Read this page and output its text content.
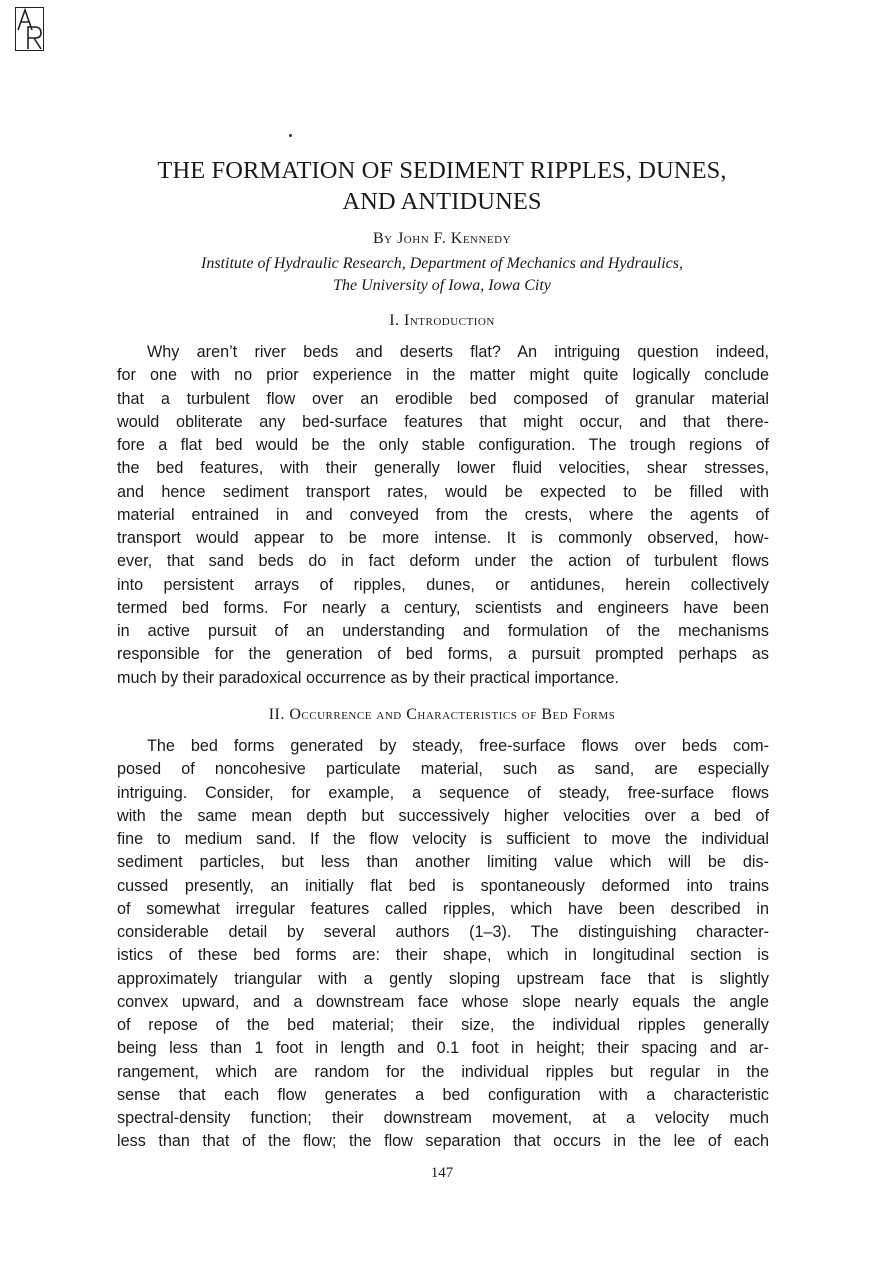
THE FORMATION OF SEDIMENT RIPPLES, DUNES,
AND ANTIDUNES
By John F. Kennedy
Institute of Hydraulic Research, Department of Mechanics and Hydraulics,
The University of Iowa, Iowa City
I. Introduction

Why aren’t river beds and deserts flat? An intriguing question indeed,
for one with no prior experience in the matter might quite logically conclude
that a turbulent flow over an erodible bed composed of granular material
would obliterate any bed-surface features that might occur, and that there-
fore a flat bed would be the only stable configuration. The trough regions of
the bed features, with their generally lower fluid velocities, shear stresses,
and hence sediment transport rates, would be expected to be filled with
material entrained in and conveyed from the crests, where the agents of
transport would appear to be more intense. It is commonly observed, how-
ever, that sand beds do in fact deform under the action of turbulent flows
into persistent arrays of ripples, dunes, or antidunes, herein collectively
termed bed forms. For nearly a century, scientists and engineers have been
in active pursuit of an understanding and formulation of the mechanisms
responsible for the generation of bed forms, a pursuit prompted perhaps as
much by their paradoxical occurrence as by their practical importance.

II. Occurrence and Characteristics of Bed Forms

The bed forms generated by steady, free-surface flows over beds com-
posed of noncohesive particulate material, such as sand, are especially
intriguing. Consider, for example, a sequence of steady, free-surface flows
with the same mean depth but successively higher velocities over a bed of
fine to medium sand. If the flow velocity is sufficient to move the individual
sediment particles, but less than another limiting value which will be dis-
cussed presently, an initially flat bed is spontaneously deformed into trains
of somewhat irregular features called ripples, which have been described in
considerable detail by several authors (1–3). The distinguishing character-
istics of these bed forms are: their shape, which in longitudinal section is
approximately triangular with a gently sloping upstream face that is slightly
convex upward, and a downstream face whose slope nearly equals the angle
of repose of the bed material; their size, the individual ripples generally
being less than 1 foot in length and 0.1 foot in height; their spacing and ar-
rangement, which are random for the individual ripples but regular in the
sense that each flow generates a bed configuration with a characteristic
spectral-density function; their downstream movement, at a velocity much
less than that of the flow; the flow separation that occurs in the lee of each

147
